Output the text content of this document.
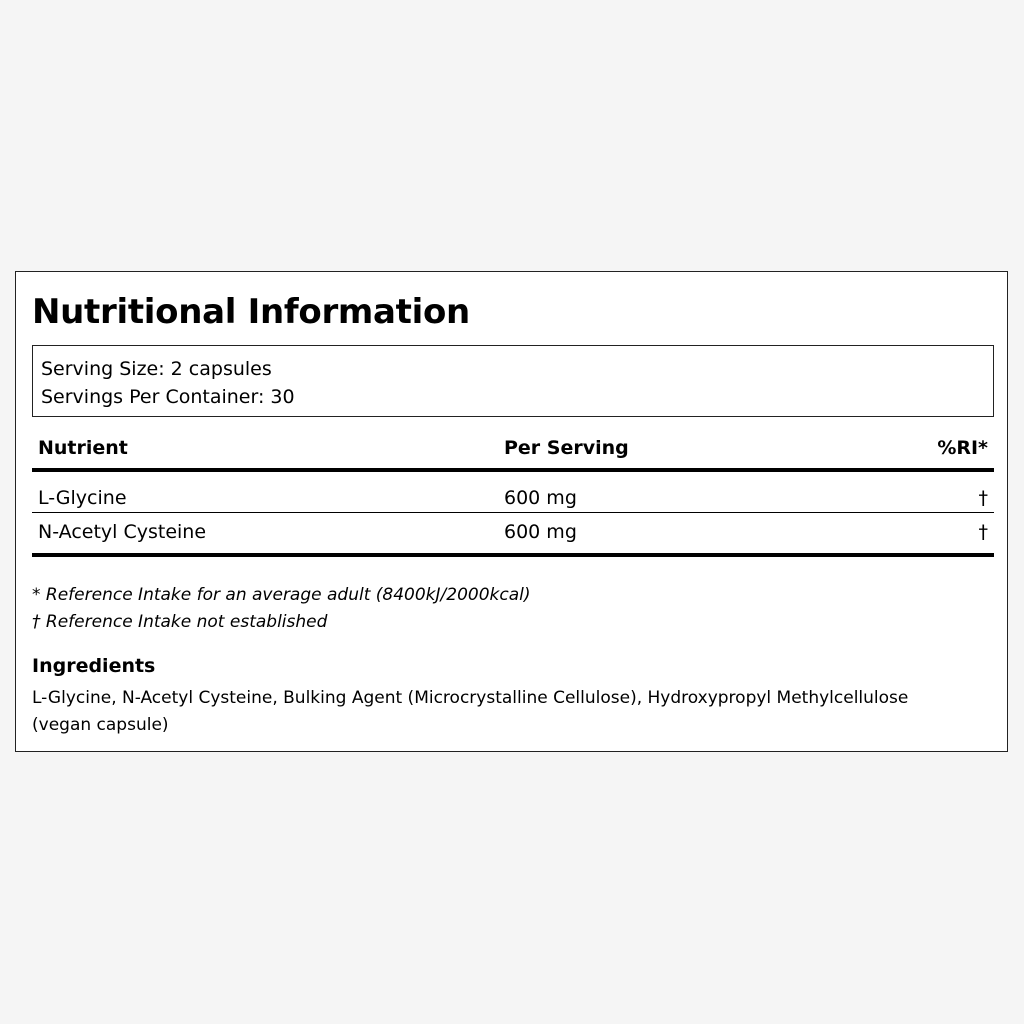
Nutritional Information
Serving Size: 2 capsules
Servings Per Container: 30
Nutrient	Per Serving	%RI*
L-Glycine	600 mg	†
N-Acetyl Cysteine	600 mg	†
* Reference Intake for an average adult (8400kJ/2000kcal)
† Reference Intake not established
Ingredients

L-Glycine, N-Acetyl Cysteine, Bulking Agent (Microcrystalline Cellulose), Hydroxypropyl Methylcellulose (vegan capsule)
